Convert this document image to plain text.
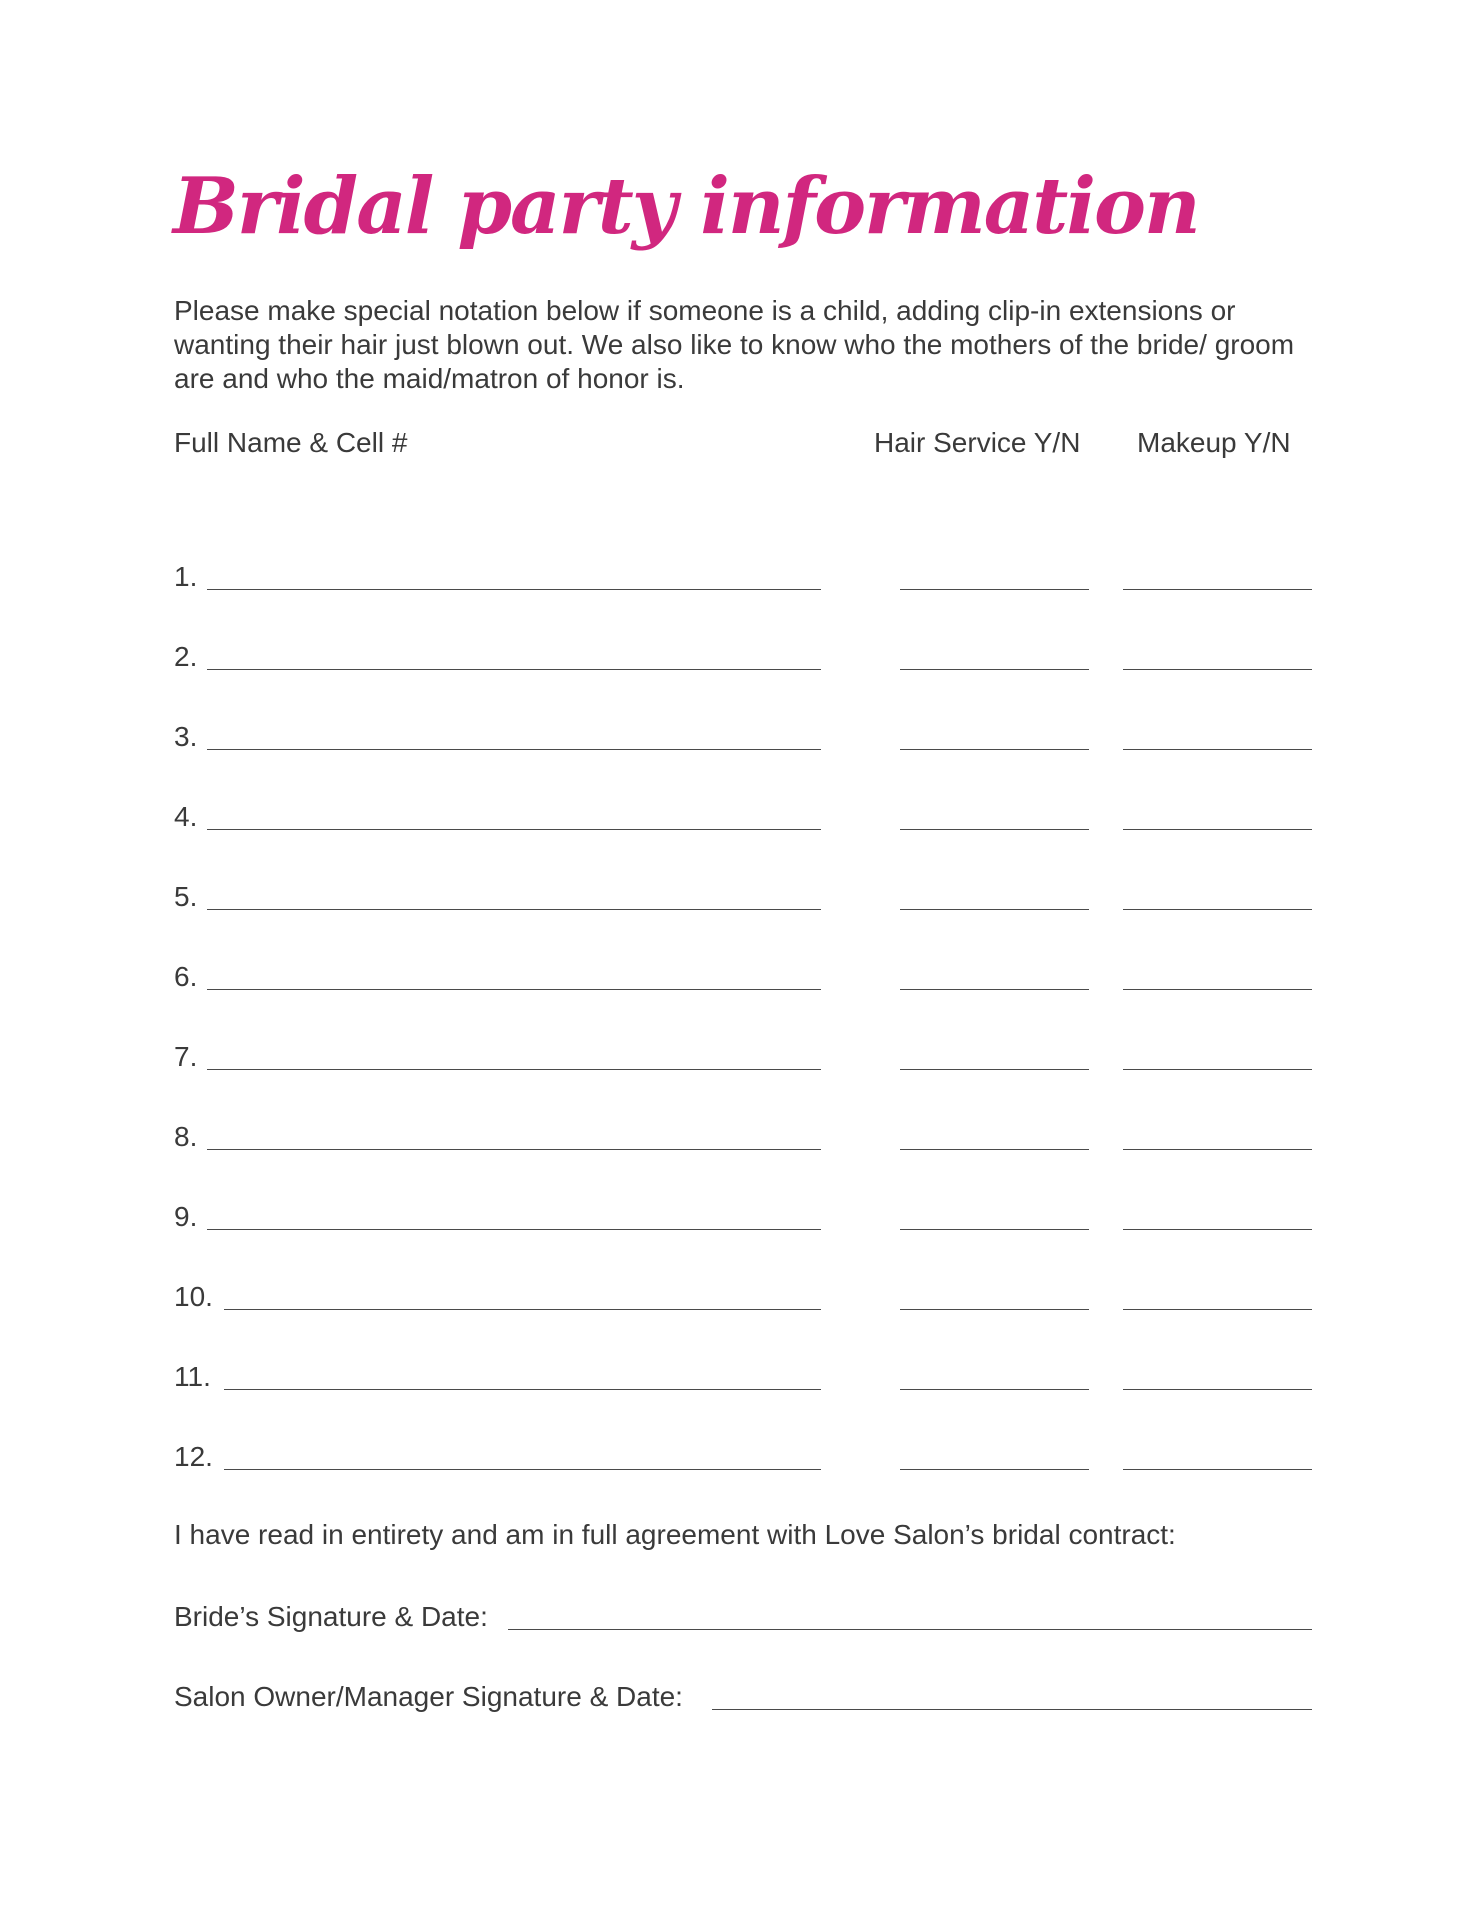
Bridal party information
Please make special notation below if someone is a child, adding clip-in extensions or wanting their hair just blown out. We also like to know who the mothers of the bride/ groom are and who the maid/matron of honor is.
Full Name & Cell #	Hair Service Y/N Makeup Y/N
1.
2.
3.
4.
5.
6.
7.
8.
9.
10.
11.
12.
I have read in entirety and am in full agreement with Love Salon’s bridal contract:
Bride’s Signature & Date:
Salon Owner/Manager Signature & Date:
